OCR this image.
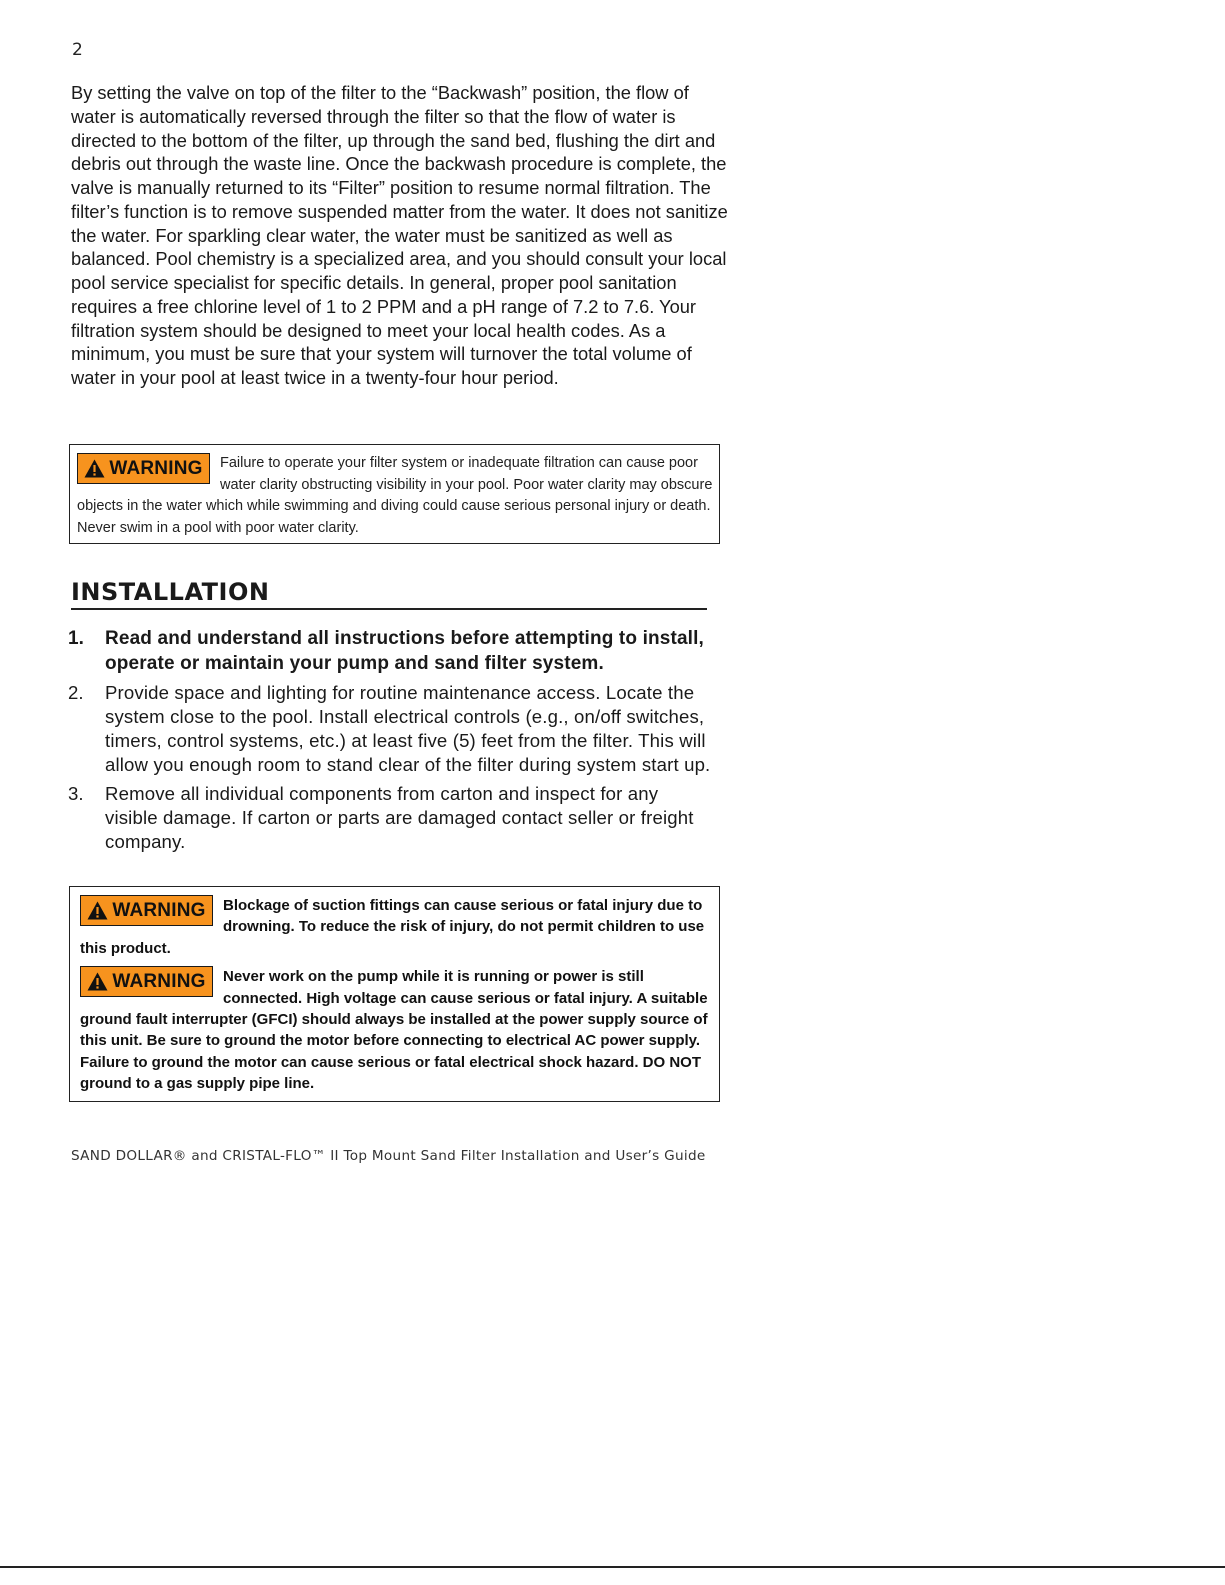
2

By setting the valve on top of the filter to the “Backwash” position, the flow of water is automatically reversed through the filter so that the flow of water is directed to the bottom of the filter, up through the sand bed, flushing the dirt and debris out through the waste line. Once the backwash procedure is complete, the valve is manually returned to its “Filter” position to resume normal filtration. The filter’s function is to remove suspended matter from the water. It does not sanitize the water. For sparkling clear water, the water must be sanitized as well as balanced. Pool chemistry is a specialized area, and you should consult your local pool service specialist for specific details. In general, proper pool sanitation requires a free chlorine level of 1 to 2 PPM and a pH range of 7.2 to 7.6. Your filtration system should be designed to meet your local health codes. As a minimum, you must be sure that your system will turnover the total volume of water in your pool at least twice in a twenty-four hour period.

WARNING Failure to operate your filter system or inadequate filtration can cause poor water clarity obstructing visibility in your pool. Poor water clarity may obscure objects in the water which while swimming and diving could cause serious personal injury or death. Never swim in a pool with poor water clarity.
INSTALLATION
1.	Read and understand all instructions before attempting to install, operate or maintain your pump and sand filter system.
2.	Provide space and lighting for routine maintenance access. Locate the system close to the pool. Install electrical controls (e.g., on/off switches, timers, control systems, etc.) at least five (5) feet from the filter. This will allow you enough room to stand clear of the filter during system start up.
3.	Remove all individual components from carton and inspect for any visible damage. If carton or parts are damaged contact seller or freight company.

WARNING Blockage of suction fittings can cause serious or fatal injury due to drowning. To reduce the risk of injury, do not permit children to use this product.

WARNING Never work on the pump while it is running or power is still connected. High voltage can cause serious or fatal injury. A suitable ground fault interrupter (GFCI) should always be installed at the power supply source of this unit. Be sure to ground the motor before connecting to electrical AC power supply. Failure to ground the motor can cause serious or fatal electrical shock hazard. DO NOT ground to a gas supply pipe line.

SAND DOLLAR® and CRISTAL-FLO™ II Top Mount Sand Filter Installation and User’s Guide
